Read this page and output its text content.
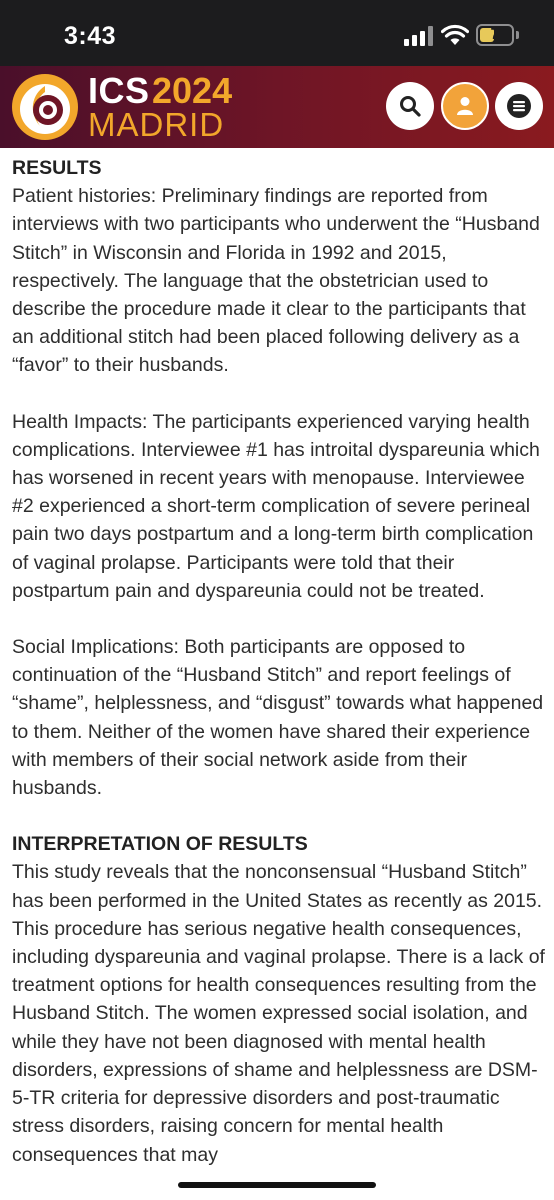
3:43	7
ICS 2024
MADRID

RESULTS

Patient histories: Preliminary findings are reported from interviews with two participants who underwent the “Husband Stitch” in Wisconsin and Florida in 1992 and 2015, respectively. The language that the obstetrician used to describe the procedure made it clear to the participants that an additional stitch had been placed following delivery as a “favor” to their husbands.

Health Impacts: The participants experienced varying health complications. Interviewee #1 has introital dyspareunia which has worsened in recent years with menopause. Interviewee #2 experienced a short-term complication of severe perineal pain two days postpartum and a long-term birth complication of vaginal prolapse. Participants were told that their postpartum pain and dyspareunia could not be treated.

Social Implications: Both participants are opposed to continuation of the “Husband Stitch” and report feelings of “shame”, helplessness, and “disgust” towards what happened to them. Neither of the women have shared their experience with members of their social network aside from their husbands.

INTERPRETATION OF RESULTS

This study reveals that the nonconsensual “Husband Stitch” has been performed in the United States as recently as 2015. This procedure has serious negative health consequences, including dyspareunia and vaginal prolapse. There is a lack of treatment options for health consequences resulting from the Husband Stitch. The women expressed social isolation, and while they have not been diagnosed with mental health disorders, expressions of shame and helplessness are DSM-5-TR criteria for depressive disorders and post-traumatic stress disorders, raising concern for mental health consequences that may
